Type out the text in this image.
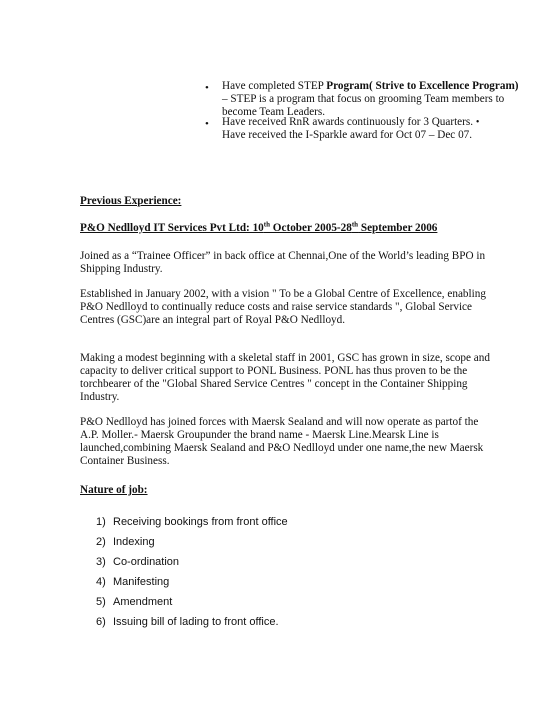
• Have completed STEP Program( Strive to Excellence Program) – STEP is a program that focus on grooming Team members to become Team Leaders.
• Have received RnR awards continuously for 3 Quarters. •
Have received the I-Sparkle award for Oct 07 – Dec 07.
Previous Experience:
P&O Nedlloyd IT Services Pvt Ltd: 10th October 2005-28th September 2006
Joined as a “Trainee Officer” in back office at Chennai,One of the World’s leading BPO in Shipping Industry.
Established in January 2002, with a vision " To be a Global Centre of Excellence, enabling P&O Nedlloyd to continually reduce costs and raise service standards ", Global Service Centres (GSC)are an integral part of Royal P&O Nedlloyd.
Making a modest beginning with a skeletal staff in 2001, GSC has grown in size, scope and capacity to deliver critical support to PONL Business. PONL has thus proven to be the torchbearer of the "Global Shared Service Centres " concept in the Container Shipping Industry.
P&O Nedlloyd has joined forces with Maersk Sealand and will now operate as partof the A.P. Moller.- Maersk Groupunder the brand name - Maersk Line.Mearsk Line is launched,combining Maersk Sealand and P&O Nedlloyd under one name,the new Maersk Container Business.
Nature of job:
1) Receiving bookings from front office
2) Indexing
3) Co-ordination
4) Manifesting
5) Amendment
6) Issuing bill of lading to front office.
